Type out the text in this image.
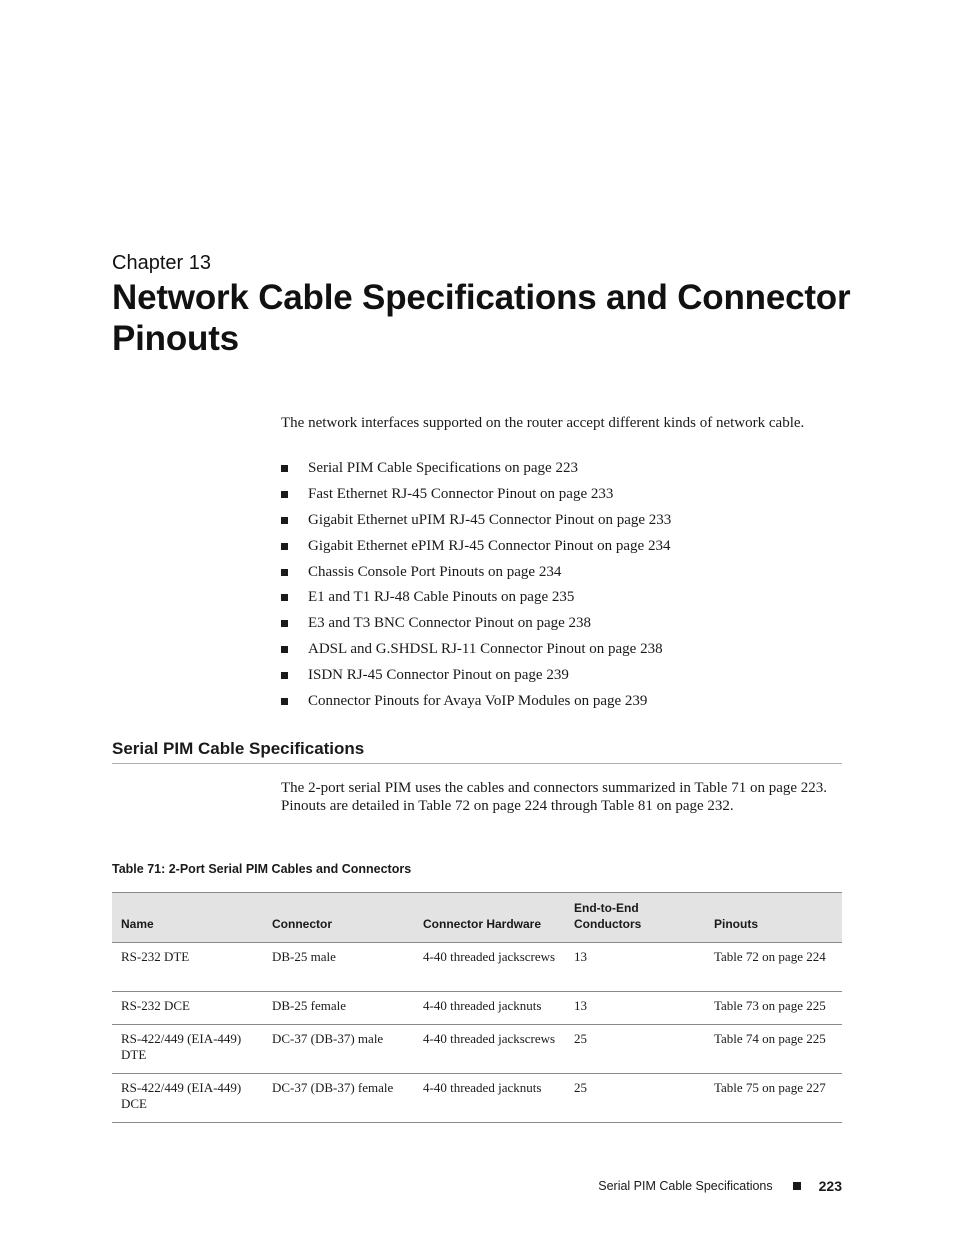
Chapter 13
Network Cable Specifications and Connector Pinouts

The network interfaces supported on the router accept different kinds of network cable.

Serial PIM Cable Specifications on page 223
Fast Ethernet RJ-45 Connector Pinout on page 233
Gigabit Ethernet uPIM RJ-45 Connector Pinout on page 233
Gigabit Ethernet ePIM RJ-45 Connector Pinout on page 234
Chassis Console Port Pinouts on page 234
E1 and T1 RJ-48 Cable Pinouts on page 235
E3 and T3 BNC Connector Pinout on page 238
ADSL and G.SHDSL RJ-11 Connector Pinout on page 238
ISDN RJ-45 Connector Pinout on page 239
Connector Pinouts for Avaya VoIP Modules on page 239
Serial PIM Cable Specifications

The 2-port serial PIM uses the cables and connectors summarized in Table 71 on page 223. Pinouts are detailed in Table 72 on page 224 through Table 81 on page 232.

Table 71: 2-Port Serial PIM Cables and Connectors
Name	Connector	Connector Hardware	End-to-End Conductors	Pinouts
RS-232 DTE	DB-25 male	4-40 threaded jackscrews	13	Table 72 on page 224
RS-232 DCE	DB-25 female	4-40 threaded jacknuts	13	Table 73 on page 225
RS-422/449 (EIA-449) DTE	DC-37 (DB-37) male	4-40 threaded jackscrews	25	Table 74 on page 225
RS-422/449 (EIA-449) DCE	DC-37 (DB-37) female	4-40 threaded jacknuts	25	Table 75 on page 227
Serial PIM Cable Specifications	223
